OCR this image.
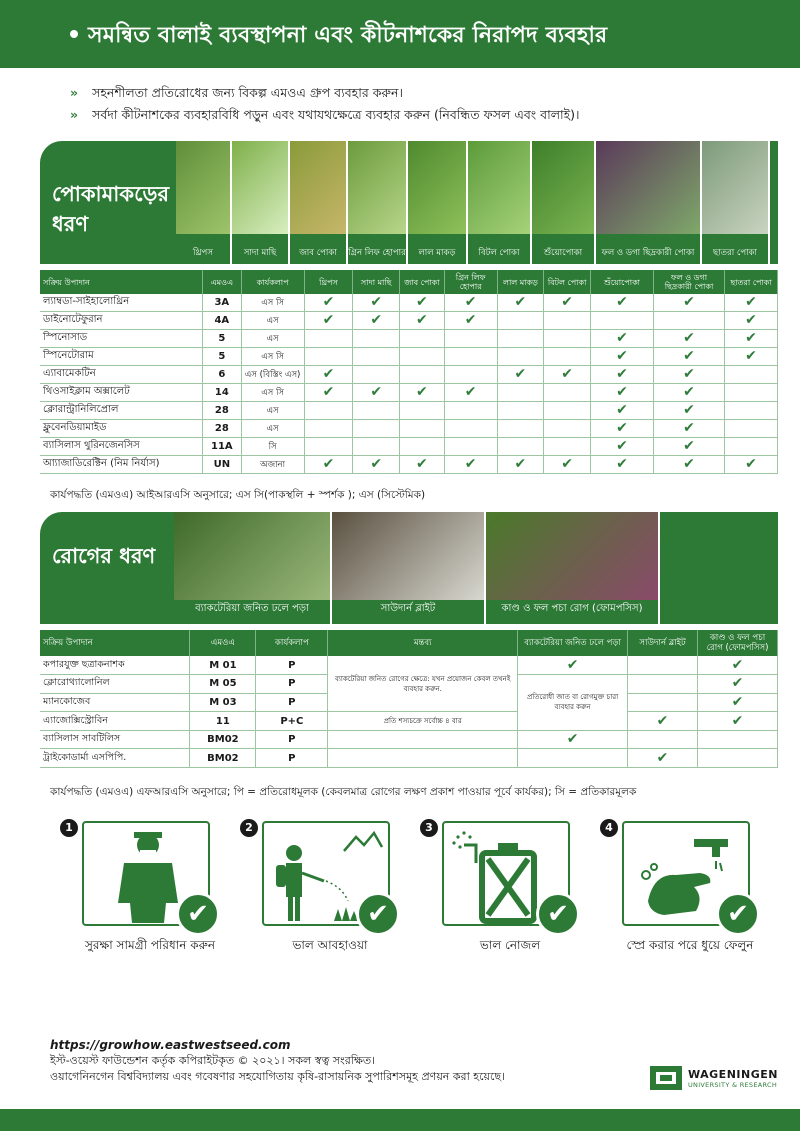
সমন্বিত বালাই ব্যবস্থাপনা এবং কীটনাশকের নিরাপদ ব্যবহার
» সহনশীলতা প্রতিরোধের জন্য বিকল্প এমওএ গ্রুপ ব্যবহার করুন।
» সর্বদা কীটনাশকের ব্যবহারবিধি পড়ুন এবং যথাযথক্ষেত্রে ব্যবহার করুন (নিবন্ধিত ফসল এবং বালাই)।
পোকামাকড়ের ধরণ
থ্রিপস	সাদা মাছি	জাব পোকা	গ্রিন লিফ হোপার	লাল মাকড়	বিটল পোকা	শুঁয়োপোকা	ফল ও ডগা ছিদ্রকারী পোকা	ছাতরা পোকা
সক্রিয় উপাদান	এমওএ	কার্যকলাপ	থ্রিপস	সাদা মাছি	জাব পোকা	গ্রিন লিফ হোপার	লাল মাকড়	বিটল পোকা	শুঁয়োপোকা	ফল ও ডগা ছিদ্রকারী পোকা	ছাতরা পোকা
ল্যাম্বডা-সাইহালোথ্রিন	3A	এস সি	✔	✔	✔	✔	✔	✔	✔	✔	✔
ডাইনোটেফুরান	4A	এস	✔	✔	✔	✔					✔
স্পিনোসাড	5	এস							✔	✔	✔
স্পিনেটোরাম	5	এস সি							✔	✔	✔
এ্যাবামেকটিন	6	এস (বিস্তিং এস)	✔				✔	✔	✔	✔	
থিওসাইক্লাম অক্সালেট	14	এস সি	✔	✔	✔	✔			✔	✔	
ক্লোরান্ট্রানিলিপ্রোল	28	এস							✔	✔	
ফ্লুবেনডিয়ামাইড	28	এস							✔	✔	
ব্যাসিলাস থুরিনজেনসিস	11A	সি							✔	✔	
আ্যাজাডিরেক্টিন (নিম নির্যাস)	UN	অজানা	✔	✔	✔	✔	✔	✔	✔	✔	✔
কার্যপদ্ধতি (এমওএ) আইআরএসি অনুসারে; এস সি(পাকস্থলি + স্পর্শক ); এস (সিস্টেমিক)
রোগের ধরণ
ব্যাকটেরিয়া জনিত ঢলে পড়া	সাউদার্ন ব্লাইট	কাণ্ড ও ফল পচা রোগ (ফোমপসিস)
সক্রিয় উপাদান	এমওএ	কার্যকলাপ	মন্তব্য	ব্যাকটেরিয়া জনিত ঢলে পড়া	সাউদার্ন ব্লাইট	কাণ্ড ও ফল পচা রোগ (ফোমপসিস)
কপারযুক্ত ছত্রাকনাশক	M 01	P	ব্যাকটেরিয়া জনিত রোগের ক্ষেত্রে: যখন প্রয়োজন কেবল তখনই ব্যবহার করুন.	✔		✔
ক্লোরোথ্যালোনিল	M 05	P		প্রতিরোধী জাত বা রোগমুক্ত চারা ব্যবহার করুন		✔
ম্যানকোজেব	M 03	P				✔
এ্যাজোক্সিস্ট্রোবিন	11	P+C	প্রতি শস্যচক্রে সর্বোচ্চ ৪ বার		✔	✔
ব্যাসিলাস সাবটিলিস	BM02	P		✔		
ট্রাইকোডার্মা এসপিপি.	BM02	P			✔	
কার্যপদ্ধতি (এমওএ) এফআরএসি অনুসারে; পি = প্রতিরোধমূলক (কেবলমাত্র রোগের লক্ষণ প্রকাশ পাওয়ার পূর্বে কার্যকর); সি = প্রতিকারমূলক
1
✔
সুরক্ষা সামগ্রী পরিধান করুন
2
✔
ভাল আবহাওয়া
3
✔
ভাল নোজল
4
✔
স্প্রে করার পরে ধুয়ে ফেলুন
https://growhow.eastwestseed.com
ইস্ট-ওয়েস্ট ফাউন্ডেশন কর্তৃক কপিরাইটকৃত © ২০২১। সকল স্বত্ব সংরক্ষিত।
ওয়াগেনিনগেন বিশ্ববিদ্যালয় এবং গবেষণার সহযোগিতায় কৃষি-রাসায়নিক সুপারিশসমূহ প্রণয়ন করা হয়েছে।	WAGENINGEN
UNIVERSITY & RESEARCH
